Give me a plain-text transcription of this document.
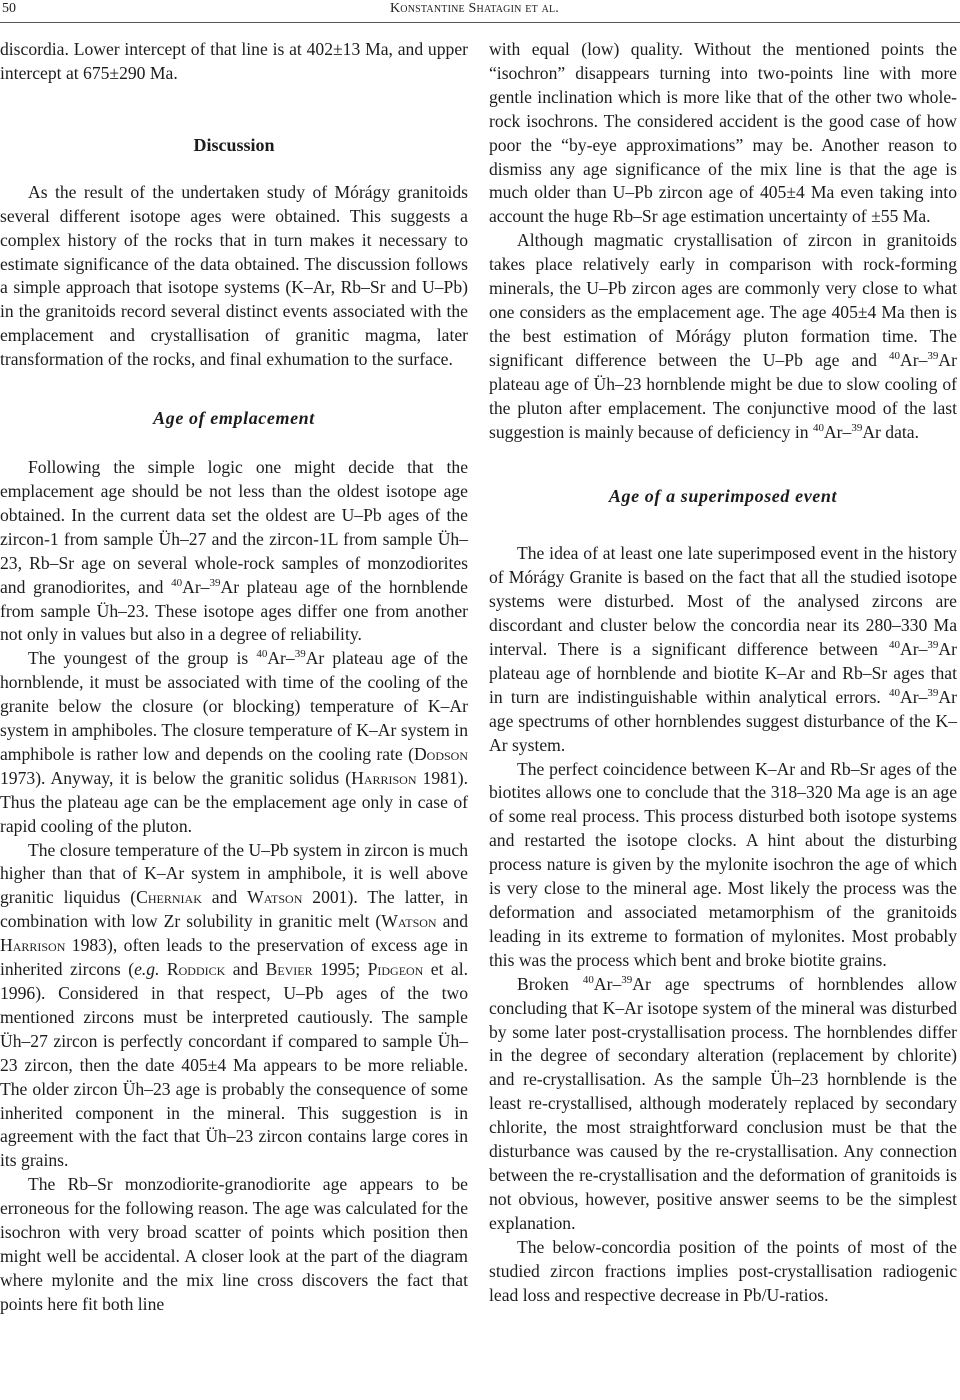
50	Konstantine Shatagin et al.

discordia. Lower intercept of that line is at 402±13 Ma, and upper intercept at 675±290 Ma.

Discussion

As the result of the undertaken study of Mórágy granitoids several different isotope ages were obtained. This suggests a complex history of the rocks that in turn makes it necessary to estimate significance of the data obtained. The discussion follows a simple approach that isotope systems (K–Ar, Rb–Sr and U–Pb) in the granitoids record several distinct events associated with the emplacement and crystallisation of granitic magma, later transformation of the rocks, and final exhumation to the surface.

Age of emplacement

Following the simple logic one might decide that the emplacement age should be not less than the oldest isotope age obtained. In the current data set the oldest are U–Pb ages of the zircon-1 from sample Üh–27 and the zircon-1L from sample Üh–23, Rb–Sr age on several whole-rock samples of monzodiorites and granodiorites, and $^{40}$Ar–$^{39}$Ar plateau age of the hornblende from sample Üh–23. These isotope ages differ one from another not only in values but also in a degree of reliability.

The youngest of the group is $^{40}$Ar–$^{39}$Ar plateau age of the hornblende, it must be associated with time of the cooling of the granite below the closure (or blocking) temperature of K–Ar system in amphiboles. The closure temperature of K–Ar system in amphibole is rather low and depends on the cooling rate (Dodson 1973). Anyway, it is below the granitic solidus (Harrison 1981). Thus the plateau age can be the emplacement age only in case of rapid cooling of the pluton.

The closure temperature of the U–Pb system in zircon is much higher than that of K–Ar system in amphibole, it is well above granitic liquidus (Cherniak and Watson 2001). The latter, in combination with low Zr solubility in granitic melt (Watson and Harrison 1983), often leads to the preservation of excess age in inherited zircons (e.g. Roddick and Bevier 1995; Pidgeon et al. 1996). Considered in that respect, U–Pb ages of the two mentioned zircons must be interpreted cautiously. The sample Üh–27 zircon is perfectly concordant if compared to sample Üh–23 zircon, then the date 405±4 Ma appears to be more reliable. The older zircon Üh–23 age is probably the consequence of some inherited component in the mineral. This suggestion is in agreement with the fact that Üh–23 zircon contains large cores in its grains.

The Rb–Sr monzodiorite-granodiorite age appears to be erroneous for the following reason. The age was calculated for the isochron with very broad scatter of points which position then might well be accidental. A closer look at the part of the diagram where mylonite and the mix line cross discovers the fact that points here fit both line

with equal (low) quality. Without the mentioned points the “isochron” disappears turning into two-points line with more gentle inclination which is more like that of the other two whole-rock isochrons. The considered accident is the good case of how poor the “by-eye approximations” may be. Another reason to dismiss any age significance of the mix line is that the age is much older than U–Pb zircon age of 405±4 Ma even taking into account the huge Rb–Sr age estimation uncertainty of ±55 Ma.

Although magmatic crystallisation of zircon in granitoids takes place relatively early in comparison with rock-forming minerals, the U–Pb zircon ages are commonly very close to what one considers as the emplacement age. The age 405±4 Ma then is the best estimation of Mórágy pluton formation time. The significant difference between the U–Pb age and $^{40}$Ar–$^{39}$Ar plateau age of Üh–23 hornblende might be due to slow cooling of the pluton after emplacement. The conjunctive mood of the last suggestion is mainly because of deficiency in $^{40}$Ar–$^{39}$Ar data.

Age of a superimposed event

The idea of at least one late superimposed event in the history of Mórágy Granite is based on the fact that all the studied isotope systems were disturbed. Most of the analysed zircons are discordant and cluster below the concordia near its 280–330 Ma interval. There is a significant difference between $^{40}$Ar–$^{39}$Ar plateau age of hornblende and biotite K–Ar and Rb–Sr ages that in turn are indistinguishable within analytical errors. $^{40}$Ar–$^{39}$Ar age spectrums of other hornblendes suggest disturbance of the K–Ar system.

The perfect coincidence between K–Ar and Rb–Sr ages of the biotites allows one to conclude that the 318–320 Ma age is an age of some real process. This process disturbed both isotope systems and restarted the isotope clocks. A hint about the disturbing process nature is given by the mylonite isochron the age of which is very close to the mineral age. Most likely the process was the deformation and associated metamorphism of the granitoids leading in its extreme to formation of mylonites. Most probably this was the process which bent and broke biotite grains.

Broken $^{40}$Ar–$^{39}$Ar age spectrums of hornblendes allow concluding that K–Ar isotope system of the mineral was disturbed by some later post-crystallisation process. The hornblendes differ in the degree of secondary alteration (replacement by chlorite) and re-crystallisation. As the sample Üh–23 hornblende is the least re-crystallised, although moderately replaced by secondary chlorite, the most straightforward conclusion must be that the disturbance was caused by the re-crystallisation. Any connection between the re-crystallisation and the deformation of granitoids is not obvious, however, positive answer seems to be the simplest explanation.

The below-concordia position of the points of most of the studied zircon fractions implies post-crystallisation radiogenic lead loss and respective decrease in Pb/U-ratios.
